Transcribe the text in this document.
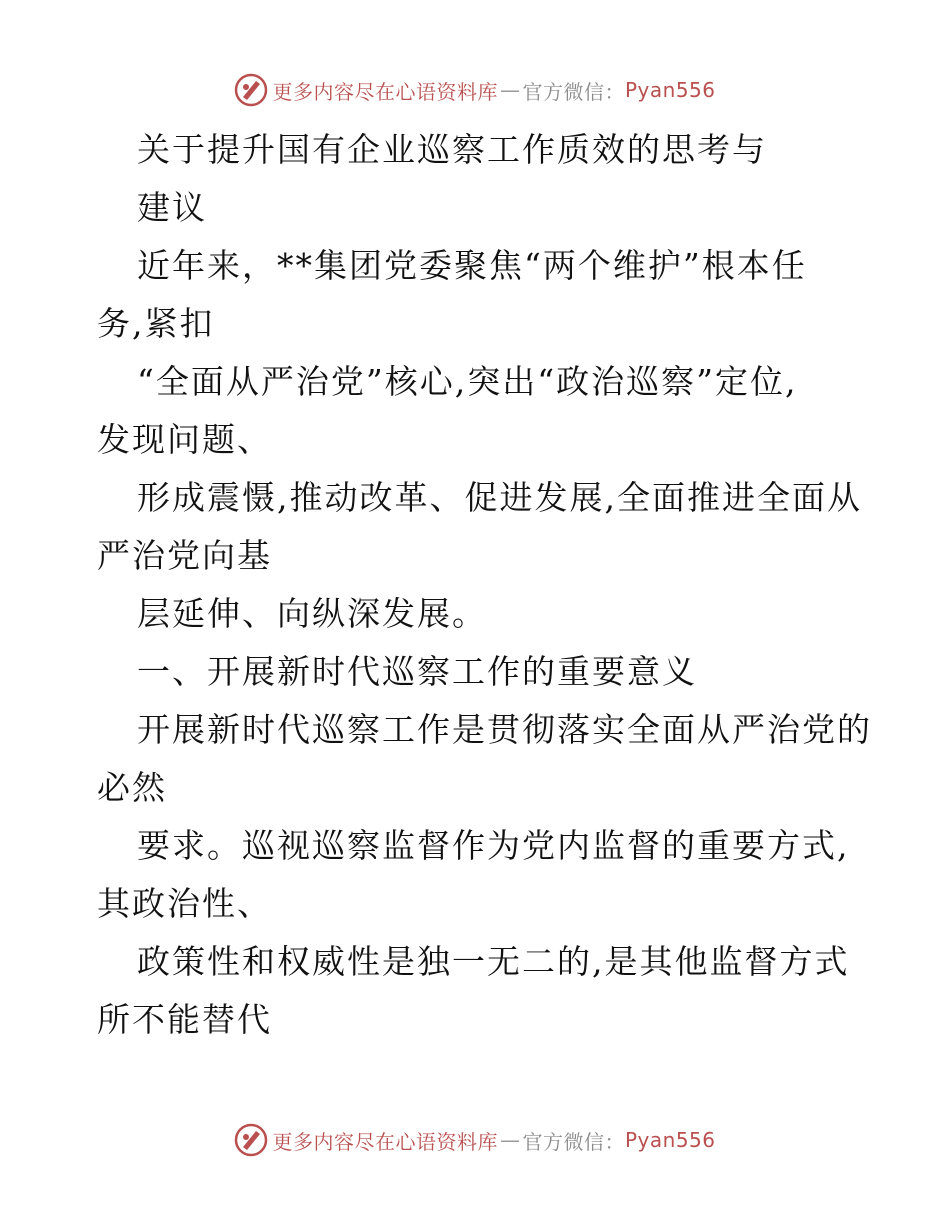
更多内容尽在心语资料库 — 官方微信： Pyan556
关于提升国有企业巡察工作质效的思考与
建议
近年来，**集团党委聚焦“两个维护”根本任
务,紧扣
“全面从严治党”核心,突出“政治巡察”定位,
发现问题、
形成震慑,推动改革、促进发展,全面推进全面从
严治党向基
层延伸、向纵深发展。
一、开展新时代巡察工作的重要意义
开展新时代巡察工作是贯彻落实全面从严治党的
必然
要求。巡视巡察监督作为党内监督的重要方式,
其政治性、
政策性和权威性是独一无二的,是其他监督方式
所不能替代
更多内容尽在心语资料库 — 官方微信： Pyan556
